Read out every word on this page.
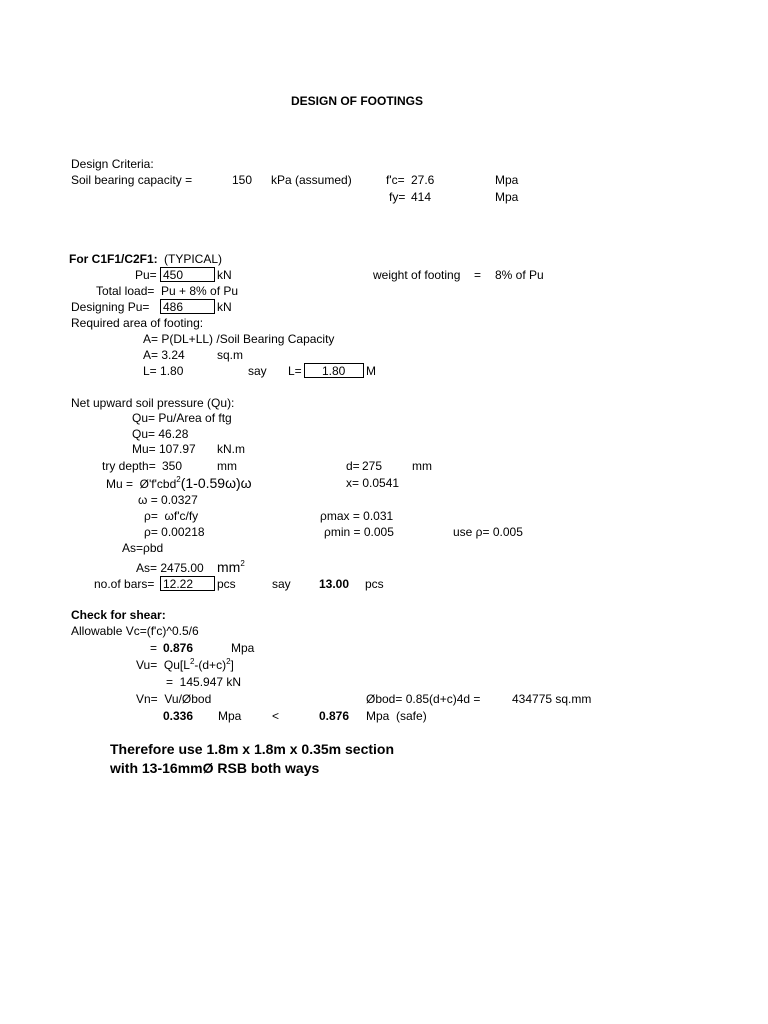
DESIGN OF FOOTINGS
Design Criteria:
Soil bearing capacity =	150 kPa (assumed)	f'c= 27.6	Mpa
fy= 414	Mpa
For C1F1/C2F1: (TYPICAL)
Pu= 450	kN	weight of footing = 8% of Pu
Total load= Pu + 8% of Pu
Designing Pu= 486	kN
Required area of footing:
A= P(DL+LL) /Soil Bearing Capacity
A= 3.24	sq.m
L= 1.80	say L= 1.80 M
Net upward soil pressure (Qu):
Qu= Pu/Area of ftg
Qu= 46.28
Mu= 107.97 kN.m
try depth= 350	mm	d= 275 mm
Mu =  Ø'f'cbd$^2$(1-0.59ω)ω	x= 0.0541
ω = 0.0327
ρ=  ωf'c/fy	ρmax = 0.031
ρ= 0.00218	ρmin = 0.005	use ρ= 0.005
As=ρbd
As= 2475.00 $mm^2$
no.of bars= 12.22 pcs	say 13.00 pcs
Check for shear:
Allowable Vc=(f'c)^0.5/6
= 0.876	Mpa
$Vu= Qu[L^2-(d+c)^2]$
=  145.947 kN
Vn=  Vu/Øbod	Øbod= 0.85(d+c)4d =	434775 sq.mm
0.336 Mpa	<	0.876 Mpa  (safe)
Therefore use 1.8m x 1.8m x 0.35m section
with 13-16mmØ RSB both ways
